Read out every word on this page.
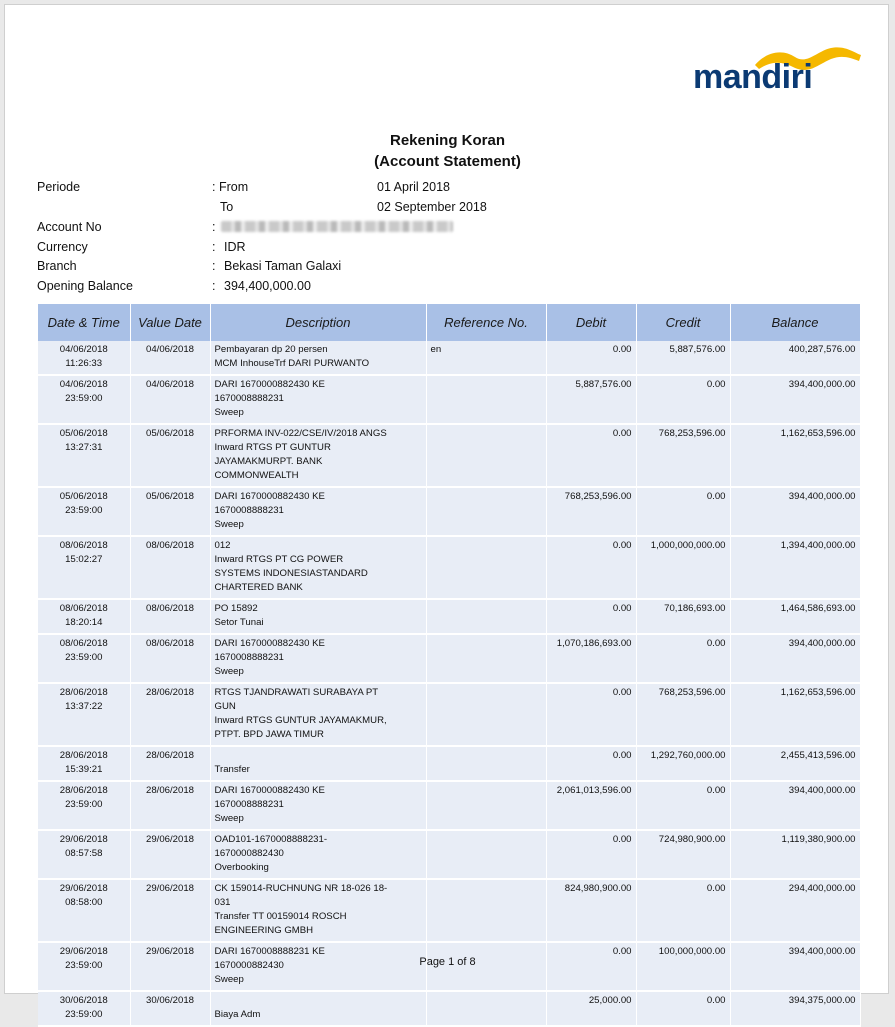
mandiri
Rekening Koran
(Account Statement)
Periode	: From	01 April 2018
To	02 September 2018
Account No	:
Currency	: IDR
Branch	: Bekasi Taman Galaxi
Opening Balance	: 394,400,000.00
Date & Time	Value Date	Description	Reference No.	Debit	Credit	Balance

04/06/2018
11:26:33	04/06/2018	Pembayaran dp 20 persen
MCM InhouseTrf DARI PURWANTO	en	0.00	5,887,576.00	400,287,576.00

04/06/2018
23:59:00	04/06/2018	DARI 1670000882430 KE
1670008888231
Sweep		5,887,576.00	0.00	394,400,000.00

05/06/2018
13:27:31	05/06/2018	PRFORMA INV-022/CSE/IV/2018 ANGS
Inward RTGS PT GUNTUR
JAYAMAKMURPT. BANK
COMMONWEALTH		0.00	768,253,596.00	1,162,653,596.00

05/06/2018
23:59:00	05/06/2018	DARI 1670000882430 KE
1670008888231
Sweep		768,253,596.00	0.00	394,400,000.00

08/06/2018
15:02:27	08/06/2018	012
Inward RTGS PT CG POWER
SYSTEMS INDONESIASTANDARD
CHARTERED BANK		0.00	1,000,000,000.00	1,394,400,000.00

08/06/2018
18:20:14	08/06/2018	PO 15892
Setor Tunai		0.00	70,186,693.00	1,464,586,693.00

08/06/2018
23:59:00	08/06/2018	DARI 1670000882430 KE
1670008888231
Sweep		1,070,186,693.00	0.00	394,400,000.00

28/06/2018
13:37:22	28/06/2018	RTGS TJANDRAWATI SURABAYA PT
GUN
Inward RTGS GUNTUR JAYAMAKMUR,
PTPT. BPD JAWA TIMUR		0.00	768,253,596.00	1,162,653,596.00

28/06/2018
15:39:21	28/06/2018	Transfer		0.00	1,292,760,000.00	2,455,413,596.00

28/06/2018
23:59:00	28/06/2018	DARI 1670000882430 KE
1670008888231
Sweep		2,061,013,596.00	0.00	394,400,000.00

29/06/2018
08:57:58	29/06/2018	OAD101-1670008888231-
1670000882430
Overbooking		0.00	724,980,900.00	1,119,380,900.00

29/06/2018
08:58:00	29/06/2018	CK 159014-RUCHNUNG NR 18-026 18-
031
Transfer TT 00159014 ROSCH
ENGINEERING GMBH		824,980,900.00	0.00	294,400,000.00

29/06/2018
23:59:00	29/06/2018	DARI 1670008888231 KE
1670000882430
Sweep		0.00	100,000,000.00	394,400,000.00

30/06/2018
23:59:00	30/06/2018	Biaya Adm		25,000.00	0.00	394,375,000.00
Page 1 of 8
